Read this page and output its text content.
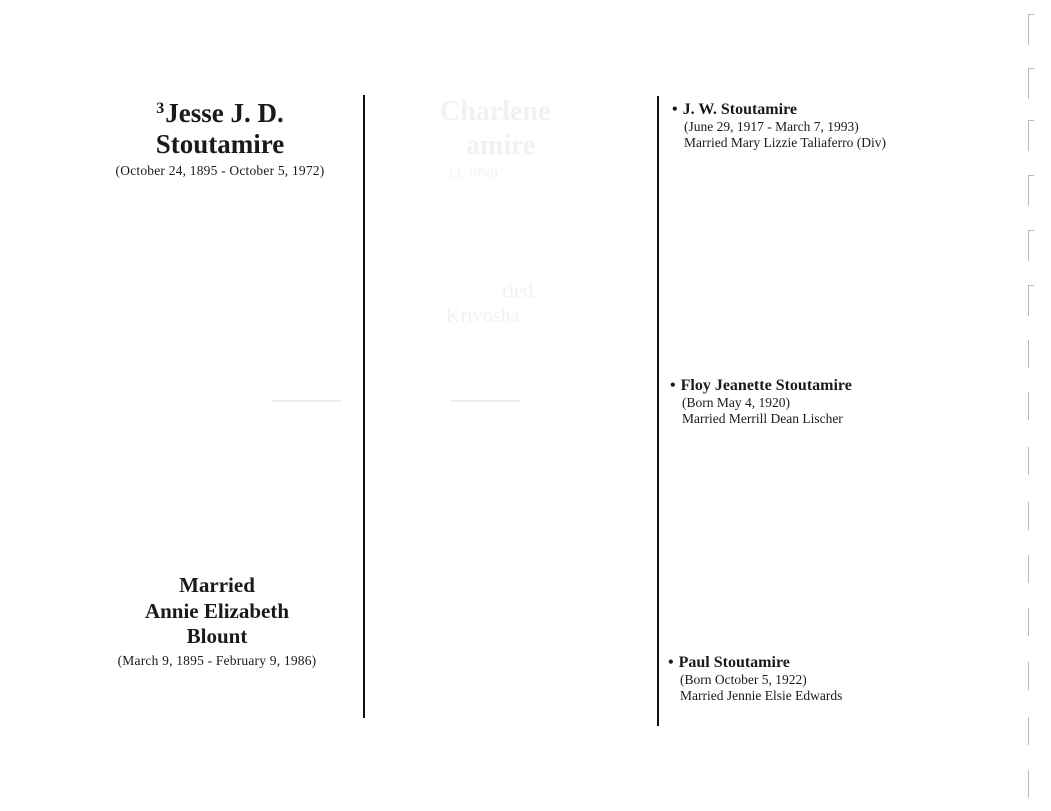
Charlene
amire
(3, 1950)
ried
Krivosha
$^3$Jesse J. D.
Stoutamire
(October 24, 1895 - October 5, 1972)
Married
Annie Elizabeth
Blount
(March 9, 1895 - February 9, 1986)
• J. W. Stoutamire
(June 29, 1917 - March 7, 1993)
Married Mary Lizzie Taliaferro (Div)
• Floy Jeanette Stoutamire
(Born May 4, 1920)
Married Merrill Dean Lischer
• Paul Stoutamire
(Born October 5, 1922)
Married Jennie Elsie Edwards
